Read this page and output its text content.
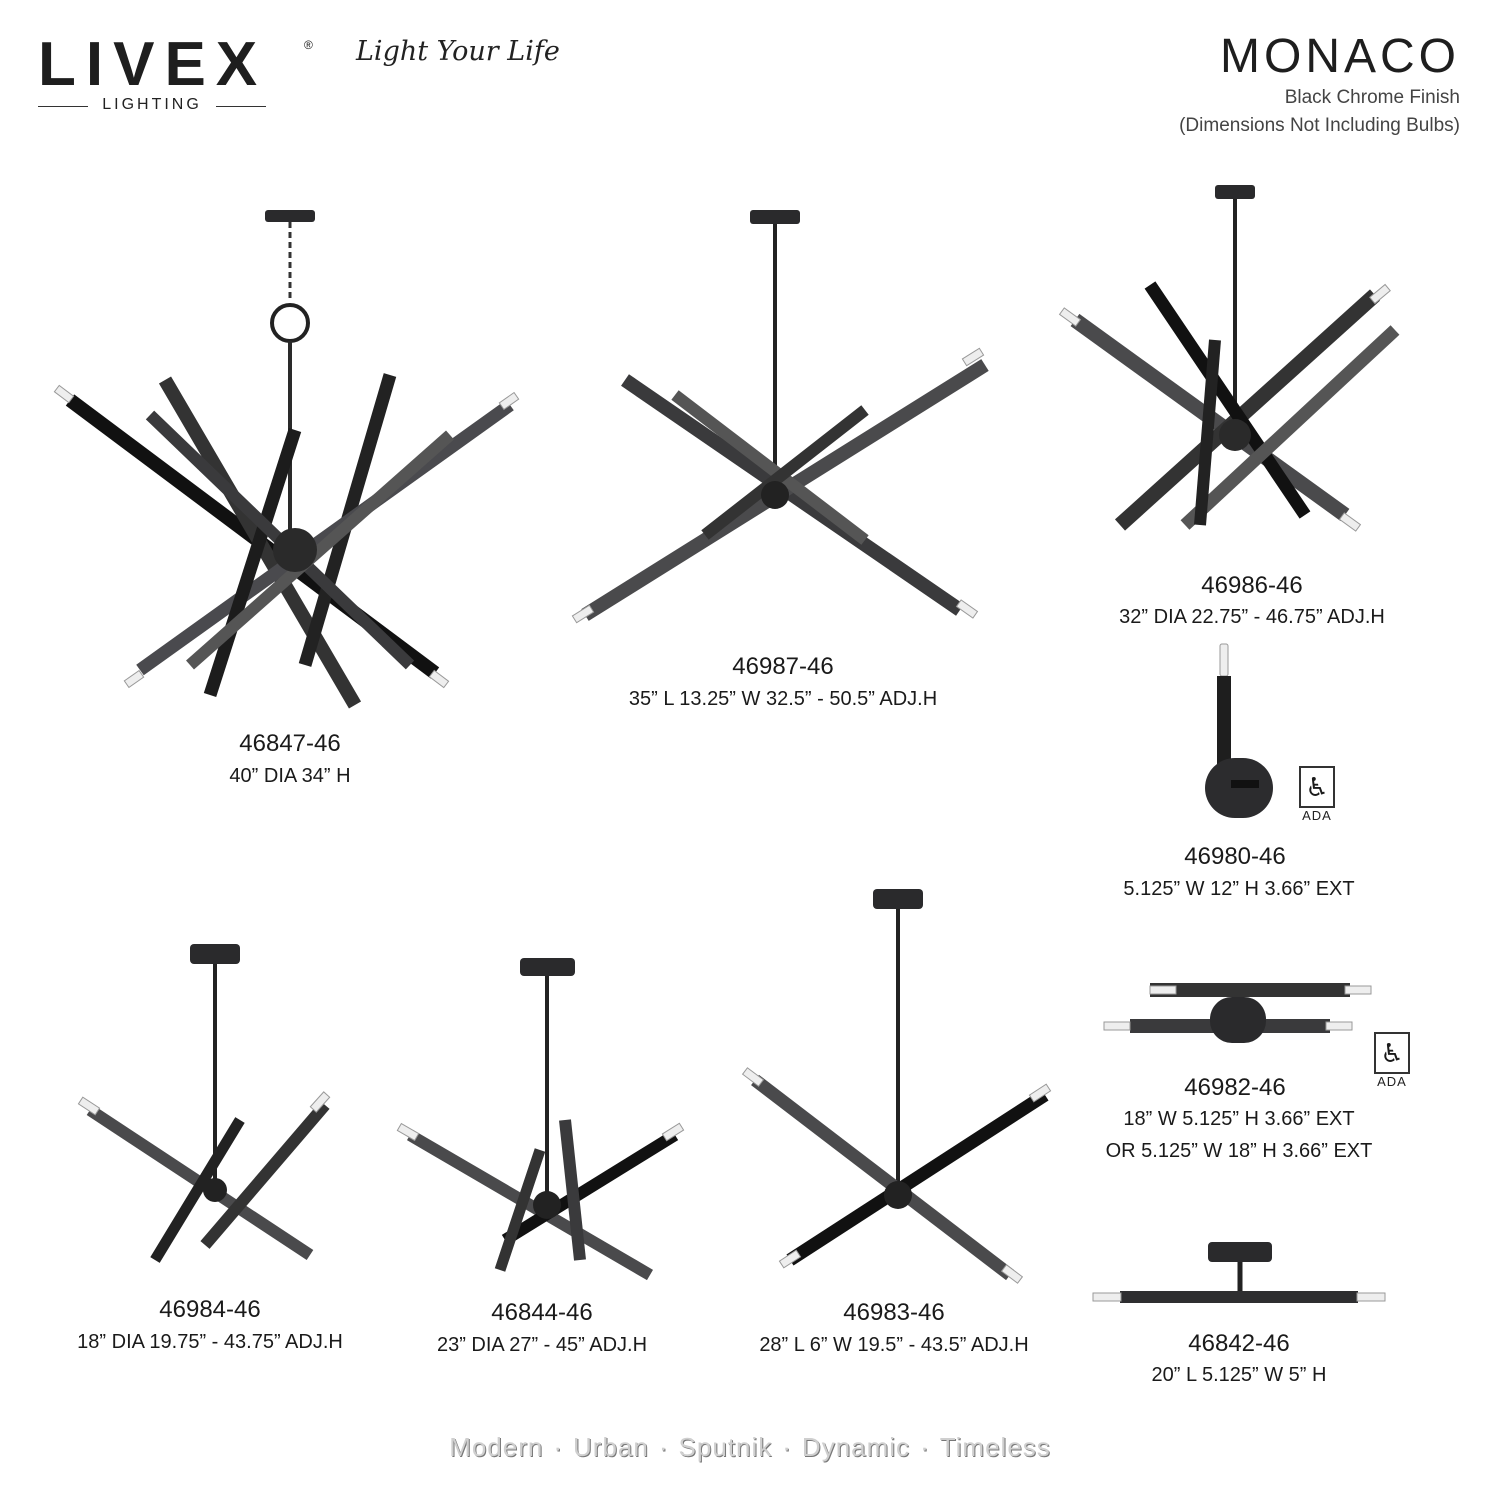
LIVEX	®
LIGHTING
Light Your Life	MONACO
Black Chrome Finish
(Dimensions Not Including Bulbs)
♿
ADA
♿
ADA
46847-46
40” DIA 34” H
46987-46
35” L 13.25” W 32.5” - 50.5” ADJ.H
46986-46
32” DIA 22.75” - 46.75” ADJ.H
46980-46
5.125” W 12” H 3.66” EXT
46982-46
18” W 5.125” H 3.66” EXT
OR 5.125” W 18” H 3.66” EXT
46984-46
18” DIA 19.75” - 43.75” ADJ.H
46844-46
23” DIA 27” - 45” ADJ.H
46983-46
28” L 6” W 19.5” - 43.5” ADJ.H	46842-46
20” L 5.125” W 5” H
Modern · Urban · Sputnik · Dynamic · Timeless
